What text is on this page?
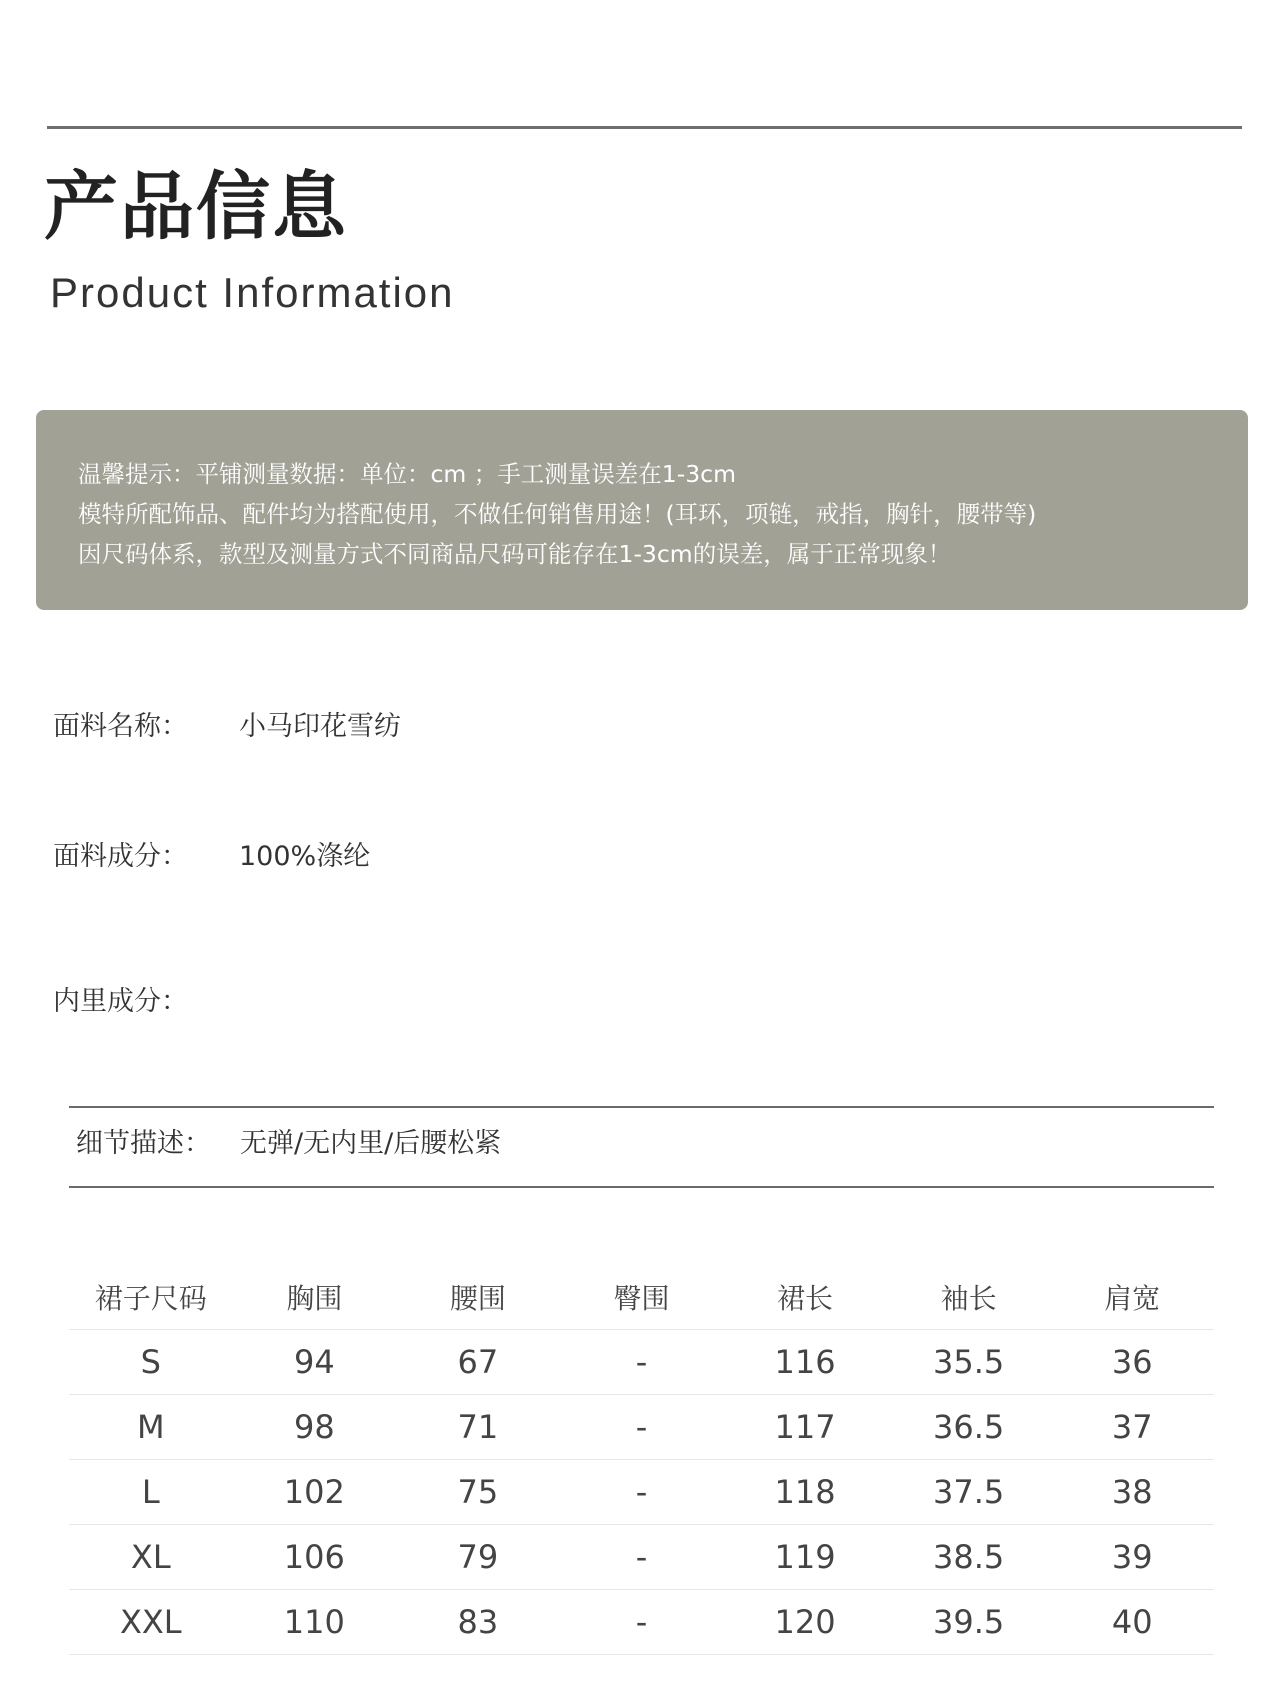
产品信息
Product Information
温馨提示：平铺测量数据：单位：cm ；手工测量误差在1-3cm
模特所配饰品、配件均为搭配使用，不做任何销售用途！(耳环，项链，戒指，胸针，腰带等)
因尺码体系，款型及测量方式不同商品尺码可能存在1-3cm的误差，属于正常现象！
面料名称： 小马印花雪纺
面料成分： 100%涤纶
内里成分：
细节描述： 无弹/无内里/后腰松紧
裙子尺码	胸围	腰围	臀围	裙长	袖长	肩宽
S	94	67	-	116	35.5	36
M	98	71	-	117	36.5	37
L	102	75	-	118	37.5	38
XL	106	79	-	119	38.5	39
XXL	110	83	-	120	39.5	40
